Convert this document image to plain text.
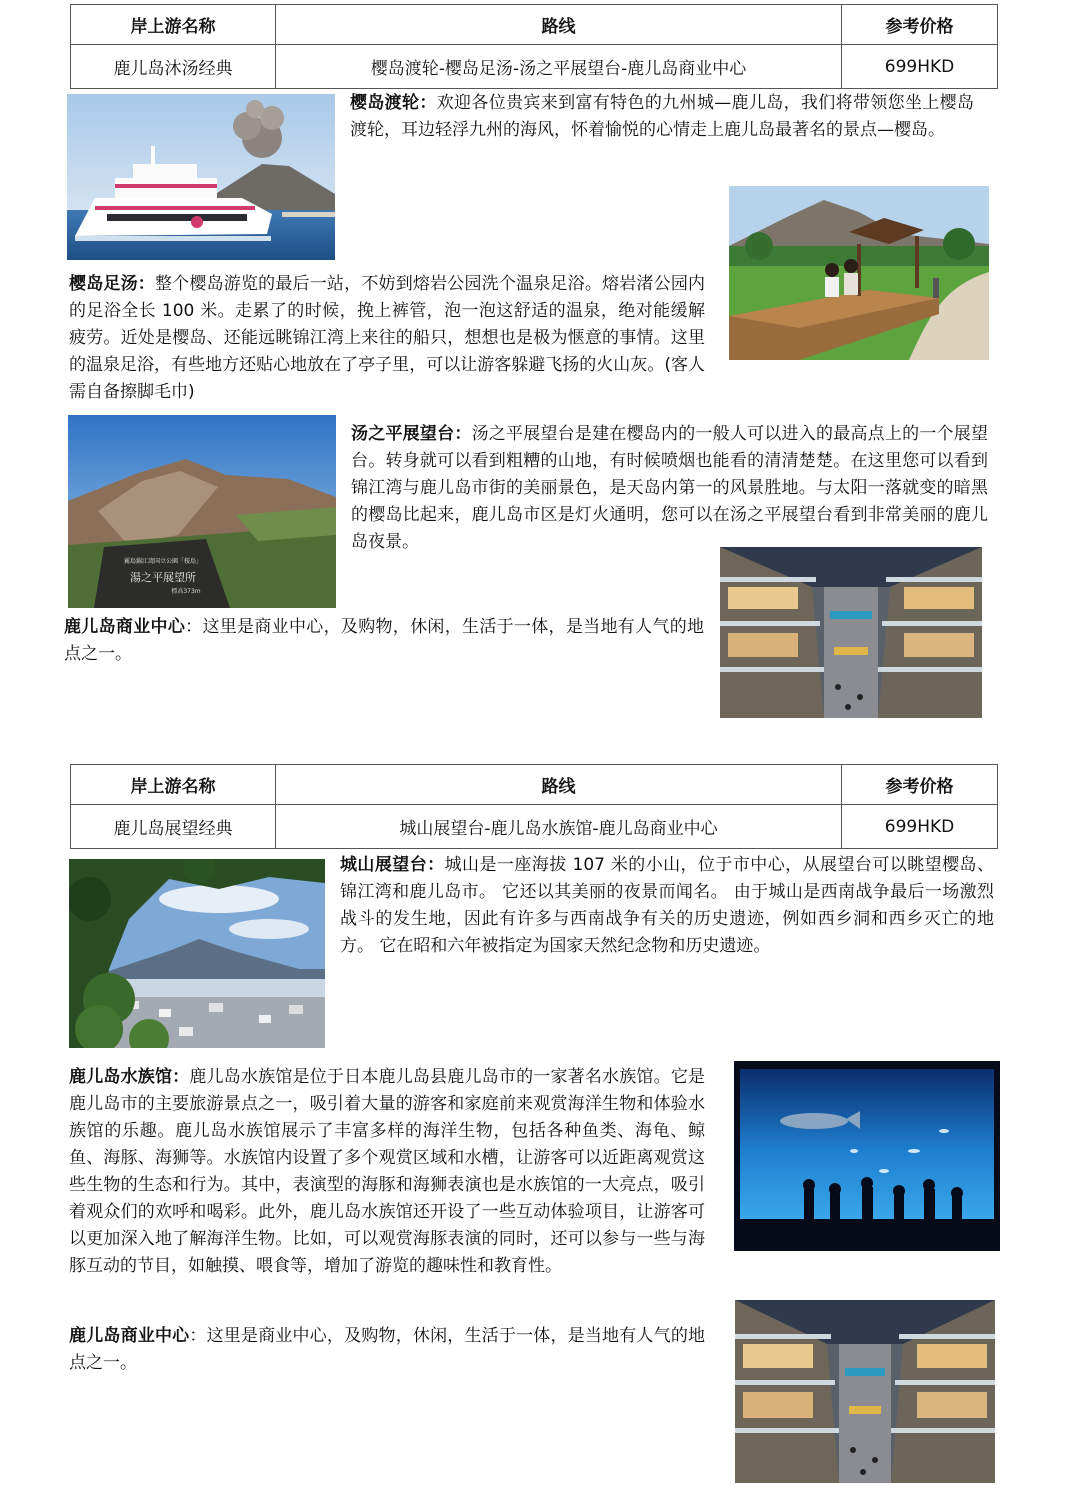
岸上游名称	路线	参考价格
鹿儿岛沐汤经典	樱岛渡轮-樱岛足汤-汤之平展望台-鹿儿岛商业中心	699HKD
樱岛渡轮：欢迎各位贵宾来到富有特色的九州城—鹿儿岛，我们将带领您坐上樱岛渡轮，耳边轻浮九州的海风，怀着愉悦的心情走上鹿儿岛最著名的景点—樱岛。
樱岛足汤：整个樱岛游览的最后一站，不妨到熔岩公园洗个温泉足浴。熔岩渚公园内的足浴全长 100 米。走累了的时候，挽上裤管，泡一泡这舒适的温泉，绝对能缓解疲劳。近处是樱岛、还能远眺锦江湾上来往的船只，想想也是极为惬意的事情。这里的温泉足浴，有些地方还贴心地放在了亭子里，可以让游客躲避飞扬的火山灰。(客人需自备擦脚毛巾)
霧島錦江湾国立公園「桜島」
湯之平展望所
標高373m
汤之平展望台：汤之平展望台是建在樱岛内的一般人可以进入的最高点上的一个展望台。转身就可以看到粗糟的山地，有时候喷烟也能看的清清楚楚。在这里您可以看到锦江湾与鹿儿岛市街的美丽景色，是天岛内第一的风景胜地。与太阳一落就变的暗黑的樱岛比起来，鹿儿岛市区是灯火通明，您可以在汤之平展望台看到非常美丽的鹿儿岛夜景。
鹿儿岛商业中心：这里是商业中心，及购物，休闲，生活于一体，是当地有人气的地点之一。
岸上游名称	路线	参考价格
鹿儿岛展望经典	城山展望台-鹿儿岛水族馆-鹿儿岛商业中心	699HKD
城山展望台：城山是一座海拔 107 米的小山，位于市中心，从展望台可以眺望樱岛、锦江湾和鹿儿岛市。 它还以其美丽的夜景而闻名。 由于城山是西南战争最后一场激烈战斗的发生地，因此有许多与西南战争有关的历史遗迹，例如西乡洞和西乡灭亡的地方。 它在昭和六年被指定为国家天然纪念物和历史遗迹。
鹿儿岛水族馆：鹿儿岛水族馆是位于日本鹿儿岛县鹿儿岛市的一家著名水族馆。它是鹿儿岛市的主要旅游景点之一，吸引着大量的游客和家庭前来观赏海洋生物和体验水族馆的乐趣。鹿儿岛水族馆展示了丰富多样的海洋生物，包括各种鱼类、海龟、鲸鱼、海豚、海狮等。水族馆内设置了多个观赏区域和水槽，让游客可以近距离观赏这些生物的生态和行为。其中，表演型的海豚和海狮表演也是水族馆的一大亮点，吸引着观众们的欢呼和喝彩。此外，鹿儿岛水族馆还开设了一些互动体验项目，让游客可以更加深入地了解海洋生物。比如，可以观赏海豚表演的同时，还可以参与一些与海豚互动的节目，如触摸、喂食等，增加了游览的趣味性和教育性。
鹿儿岛商业中心：这里是商业中心，及购物，休闲，生活于一体，是当地有人气的地点之一。
